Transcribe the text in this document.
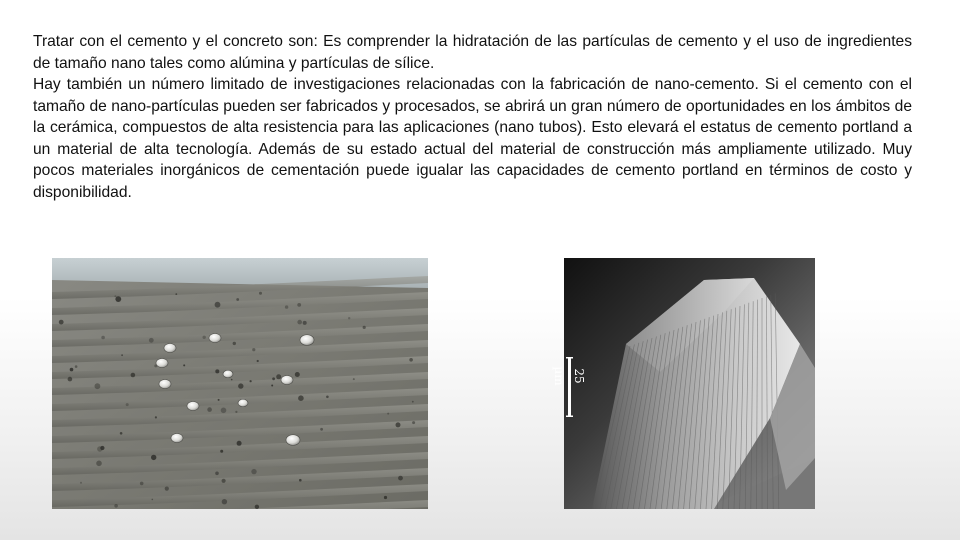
Tratar con el cemento y el concreto son: Es comprender la hidratación de las partículas de cemento y el uso de ingredientes de tamaño nano tales como alúmina y partículas de sílice.

Hay también un número limitado de investigaciones relacionadas con la fabricación de nano-cemento. Si el cemento con el tamaño de nano-partículas pueden ser fabricados y procesados, se abrirá un gran número de oportunidades en los ámbitos de la cerámica, compuestos de alta resistencia para las aplicaciones (nano tubos). Esto elevará el estatus de cemento portland a un material de alta tecnología. Además de su estado actual del material de construcción más ampliamente utilizado. Muy pocos materiales inorgánicos de cementación puede igualar las capacidades de cemento portland en términos de costo y disponibilidad.

25 µm
